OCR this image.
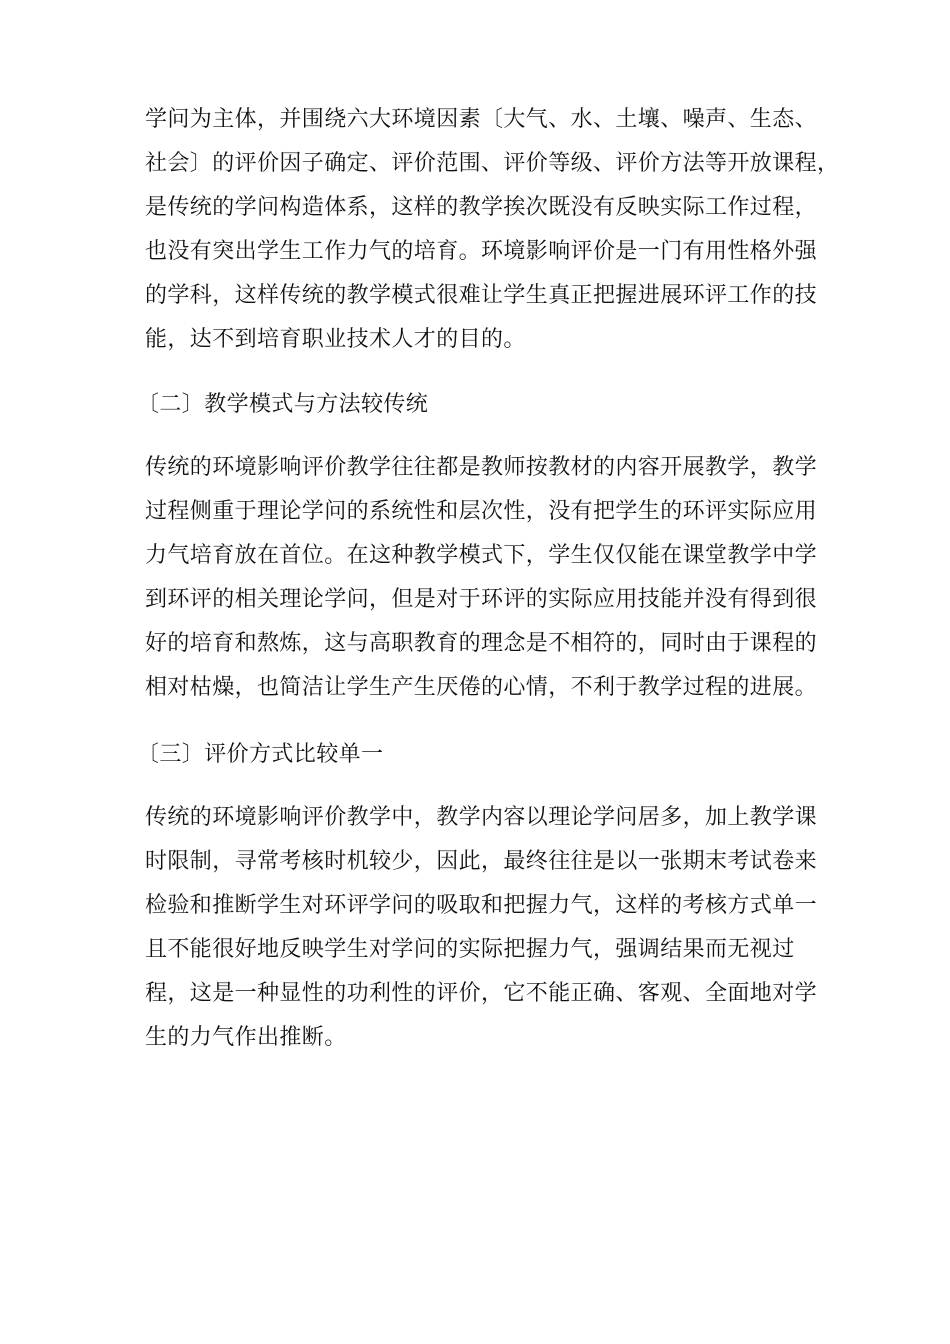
学问为主体，并围绕六大环境因素〔大气、水、土壤、噪声、生态、
社会〕的评价因子确定、评价范围、评价等级、评价方法等开放课程，
是传统的学问构造体系，这样的教学挨次既没有反映实际工作过程，
也没有突出学生工作力气的培育。环境影响评价是一门有用性格外强
的学科，这样传统的教学模式很难让学生真正把握进展环评工作的技
能，达不到培育职业技术人才的目的。
〔二〕教学模式与方法较传统
传统的环境影响评价教学往往都是教师按教材的内容开展教学，教学
过程侧重于理论学问的系统性和层次性，没有把学生的环评实际应用
力气培育放在首位。在这种教学模式下，学生仅仅能在课堂教学中学
到环评的相关理论学问，但是对于环评的实际应用技能并没有得到很
好的培育和熬炼，这与高职教育的理念是不相符的，同时由于课程的
相对枯燥，也简洁让学生产生厌倦的心情，不利于教学过程的进展。
〔三〕评价方式比较单一
传统的环境影响评价教学中，教学内容以理论学问居多，加上教学课
时限制，寻常考核时机较少，因此，最终往往是以一张期末考试卷来
检验和推断学生对环评学问的吸取和把握力气，这样的考核方式单一
且不能很好地反映学生对学问的实际把握力气，强调结果而无视过
程，这是一种显性的功利性的评价，它不能正确、客观、全面地对学
生的力气作出推断。
